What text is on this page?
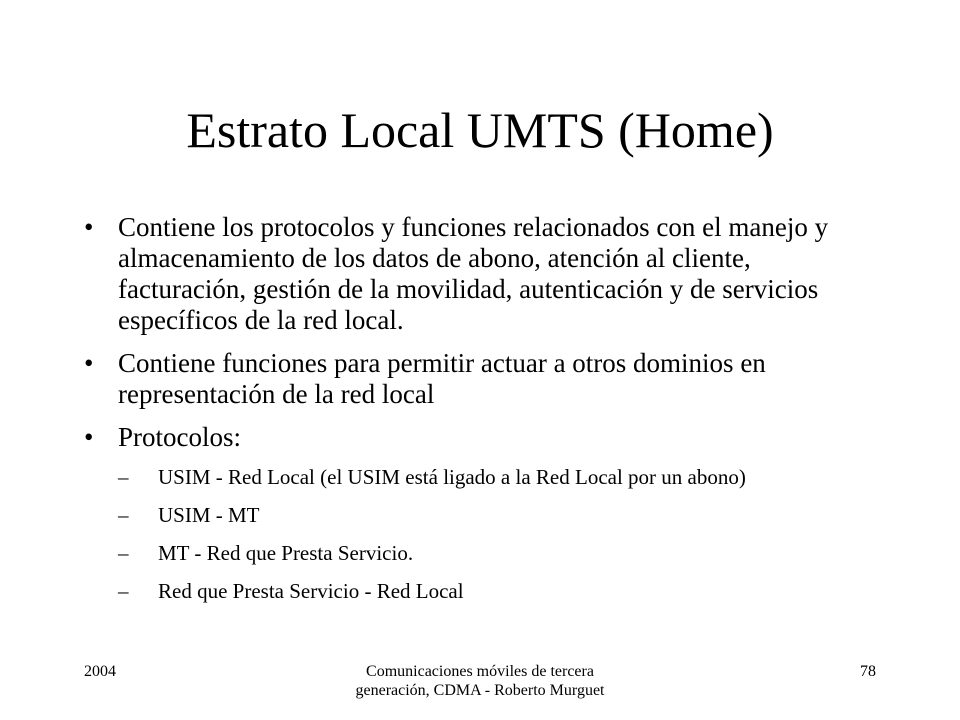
Estrato Local UMTS (Home)
• Contiene los protocolos y funciones relacionados con el manejo y almacenamiento de los datos de abono, atención al cliente, facturación, gestión de la movilidad, autenticación y de servicios específicos de la red local.
• Contiene funciones para permitir actuar a otros dominios en representación de la red local
• Protocolos:
– USIM - Red Local (el USIM está ligado a la Red Local por un abono)
– USIM - MT
– MT - Red que Presta Servicio.
– Red que Presta Servicio - Red Local
2004	Comunicaciones móviles de tercera generación, CDMA - Roberto Murguet
78
